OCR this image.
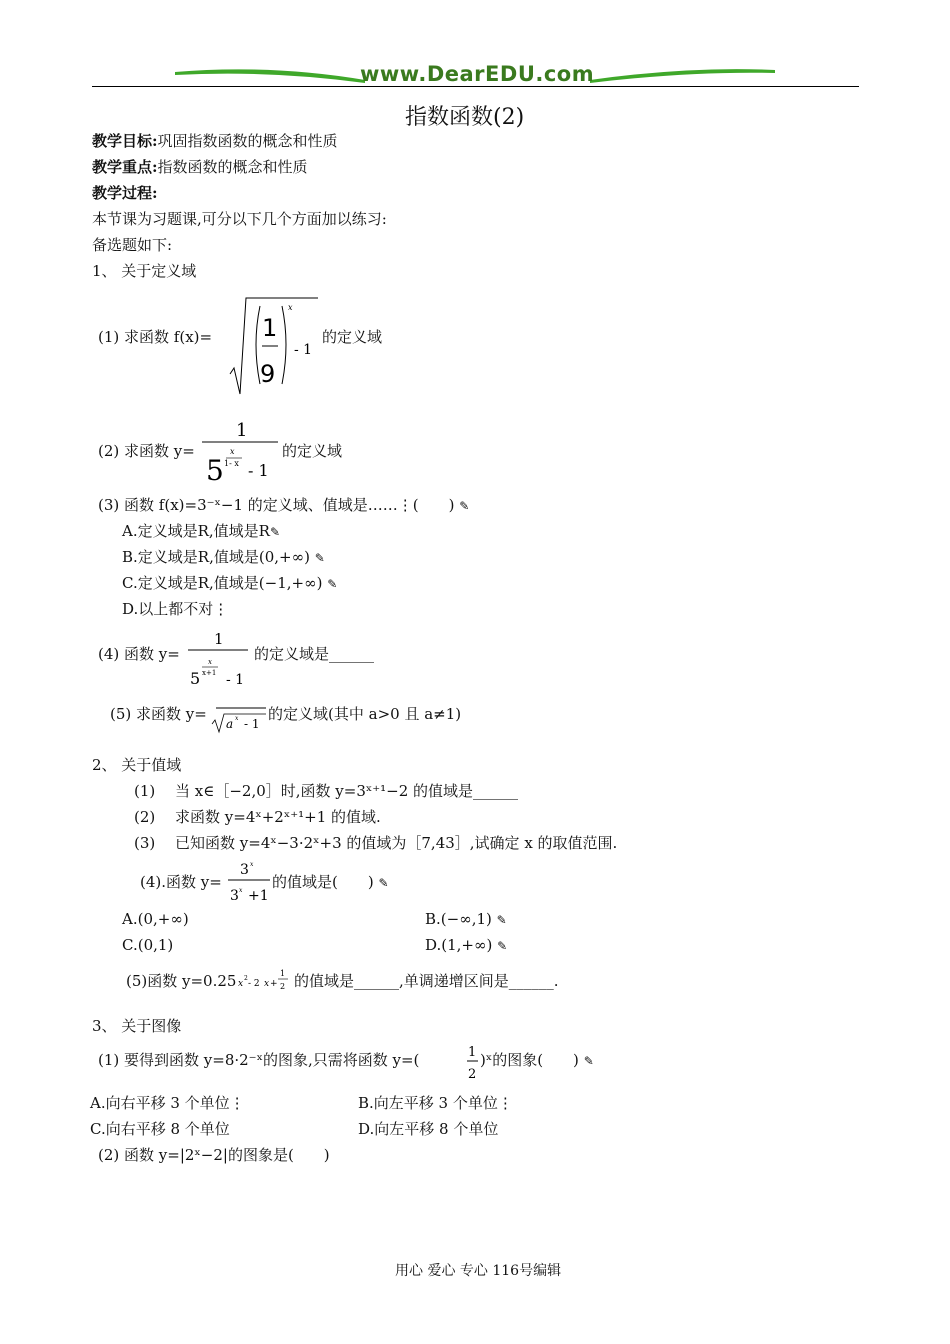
www.DearEDU.com
指数函数(2)
教学目标:巩固指数函数的概念和性质
教学重点:指数函数的概念和性质
教学过程:
本节课为习题课,可分以下几个方面加以练习:
备选题如下:
1、 关于定义域
(1) 求函数 f(x)= 1
9
x
- 1
的定义域
(2) 求函数 y=
1
5
x
1- x - 1
的定义域
(3) 函数 f(x)=3⁻ˣ−1 的定义域、值域是……⋮(　　) ✎
A.定义域是R,值域是R✎
B.定义域是R,值域是(0,+∞) ✎
C.定义域是R,值域是(−1,+∞) ✎
D.以上都不对⋮
(4) 函数 y=
1
5
x
x+1 - 1
的定义域是______
(5) 求函数 y=
a x - 1
的定义域(其中 a>0 且 a≠1)
2、 关于值域
(1)　 当 x∈［−2,0］时,函数 y=3ˣ⁺¹−2 的值域是______
(2)　 求函数 y=4ˣ+2ˣ⁺¹+1 的值域.
(3)　 已知函数 y=4ˣ−3·2ˣ+3 的值域为［7,43］,试确定 x 的取值范围.
(4).函数 y=
3 x
3 x +1
的值域是(　　) ✎
A.(0,+∞)	B.(−∞,1) ✎
C.(0,1)	D.(1,+∞) ✎
(5)函数 y=0.25 x
2
- 2 x +
1
2 的值域是______,单调递增区间是______.
3、 关于图像
(1) 要得到函数 y=8·2⁻ˣ的图象,只需将函数 y=(	1
2
)ˣ的图象(　　) ✎
A.向右平移 3 个单位⋮	B.向左平移 3 个单位⋮
C.向右平移 8 个单位	D.向左平移 8 个单位
(2) 函数 y=|2ˣ−2|的图象是(　　)
用心 爱心 专心 116号编辑
